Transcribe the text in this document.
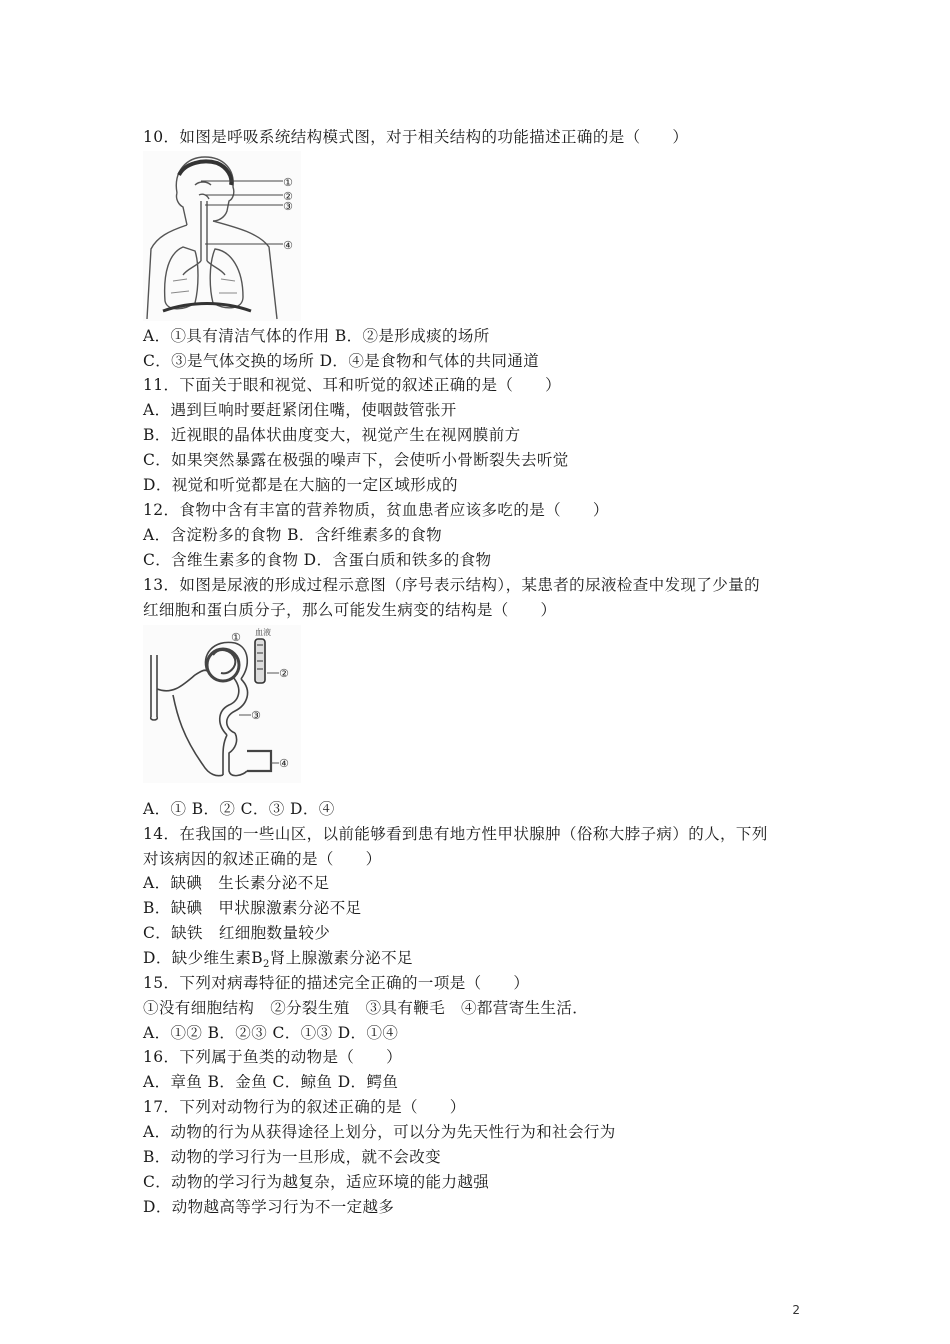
10．如图是呼吸系统结构模式图，对于相关结构的功能描述正确的是（　　）
①
②
③
④
A．①具有清洁气体的作用 B．②是形成痰的场所
C．③是气体交换的场所 D．④是食物和气体的共同通道
11．下面关于眼和视觉、耳和听觉的叙述正确的是（　　）
A．遇到巨响时要赶紧闭住嘴，使咽鼓管张开
B．近视眼的晶体状曲度变大，视觉产生在视网膜前方
C．如果突然暴露在极强的噪声下，会使听小骨断裂失去听觉
D．视觉和听觉都是在大脑的一定区域形成的
12．食物中含有丰富的营养物质，贫血患者应该多吃的是（　　）
A．含淀粉多的食物 B．含纤维素多的食物
C．含维生素多的食物 D．含蛋白质和铁多的食物
13．如图是尿液的形成过程示意图（序号表示结构），某患者的尿液检查中发现了少量的
红细胞和蛋白质分子，那么可能发生病变的结构是（　　）
血液
①
②
③
④
A．① B．② C．③ D．④
14．在我国的一些山区，以前能够看到患有地方性甲状腺肿（俗称大脖子病）的人，下列
对该病因的叙述正确的是（　　）
A．缺碘　生长素分泌不足
B．缺碘　甲状腺激素分泌不足
C．缺铁　红细胞数量较少
D．缺少维生素$B_2$肾上腺激素分泌不足
15．下列对病毒特征的描述完全正确的一项是（　　）
①没有细胞结构　②分裂生殖　③具有鞭毛　④都营寄生生活．
A．①② B．②③ C．①③ D．①④
16．下列属于鱼类的动物是（　　）
A．章鱼 B．金鱼 C．鲸鱼 D．鳄鱼
17．下列对动物行为的叙述正确的是（　　）
A．动物的行为从获得途径上划分，可以分为先天性行为和社会行为
B．动物的学习行为一旦形成，就不会改变
C．动物的学习行为越复杂，适应环境的能力越强
D．动物越高等学习行为不一定越多
2
